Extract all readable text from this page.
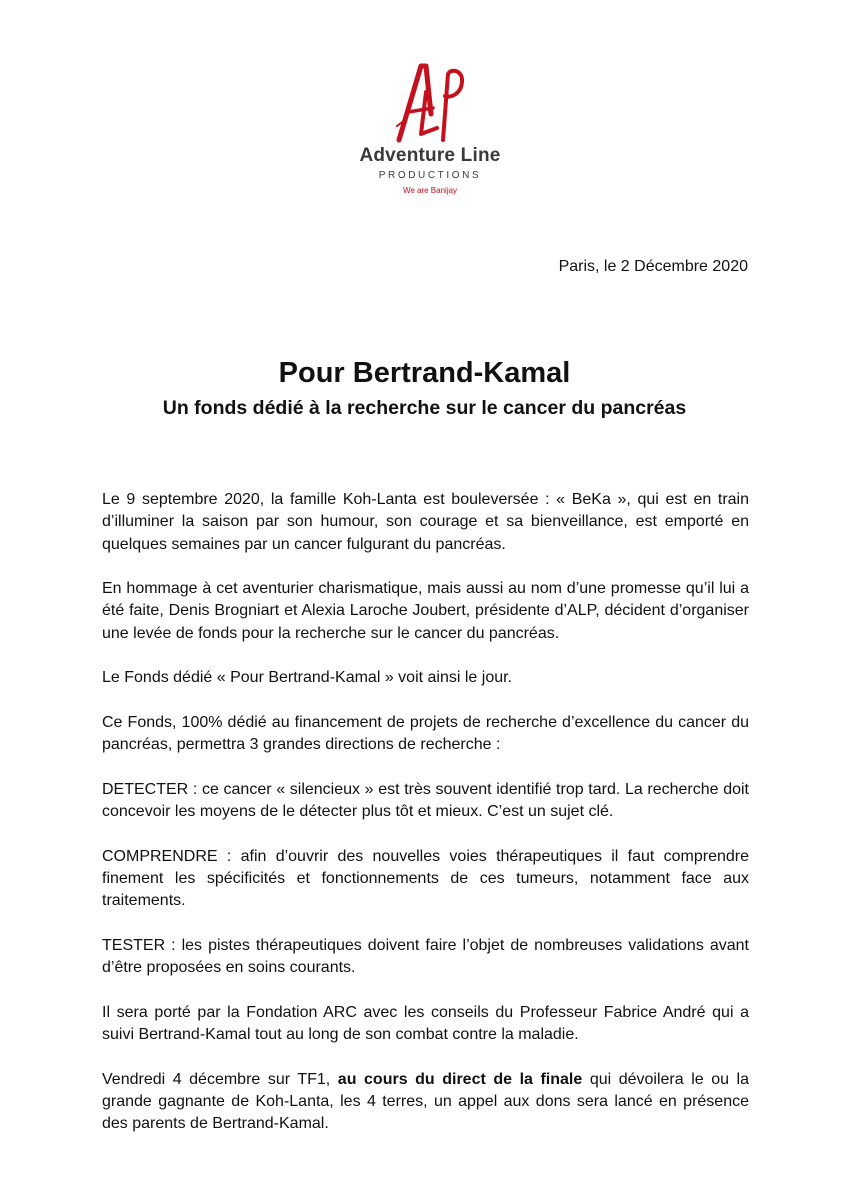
Adventure Line
PRODUCTIONS
We are Banijay
Paris, le 2 Décembre 2020
Pour Bertrand-Kamal
Un fonds dédié à la recherche sur le cancer du pancréas

Le 9 septembre 2020, la famille Koh-Lanta est bouleversée : « BeKa », qui est en train d’illuminer la saison par son humour, son courage et sa bienveillance, est emporté en quelques semaines par un cancer fulgurant du pancréas.

En hommage à cet aventurier charismatique, mais aussi au nom d’une promesse qu’il lui a été faite, Denis Brogniart et Alexia Laroche Joubert, présidente d’ALP, décident d’organiser une levée de fonds pour la recherche sur le cancer du pancréas.

Le Fonds dédié « Pour Bertrand-Kamal » voit ainsi le jour.

Ce Fonds, 100% dédié au financement de projets de recherche d’excellence du cancer du pancréas, permettra 3 grandes directions de recherche :

DETECTER : ce cancer « silencieux » est très souvent identifié trop tard. La recherche doit concevoir les moyens de le détecter plus tôt et mieux. C’est un sujet clé.

COMPRENDRE : afin d’ouvrir des nouvelles voies thérapeutiques il faut comprendre finement les spécificités et fonctionnements de ces tumeurs, notamment face aux traitements.

TESTER : les pistes thérapeutiques doivent faire l’objet de nombreuses validations avant d’être proposées en soins courants.

Il sera porté par la Fondation ARC avec les conseils du Professeur Fabrice André qui a suivi Bertrand-Kamal tout au long de son combat contre la maladie.

Vendredi 4 décembre sur TF1, au cours du direct de la finale qui dévoilera le ou la grande gagnante de Koh-Lanta, les 4 terres, un appel aux dons sera lancé en présence des parents de Bertrand-Kamal.
